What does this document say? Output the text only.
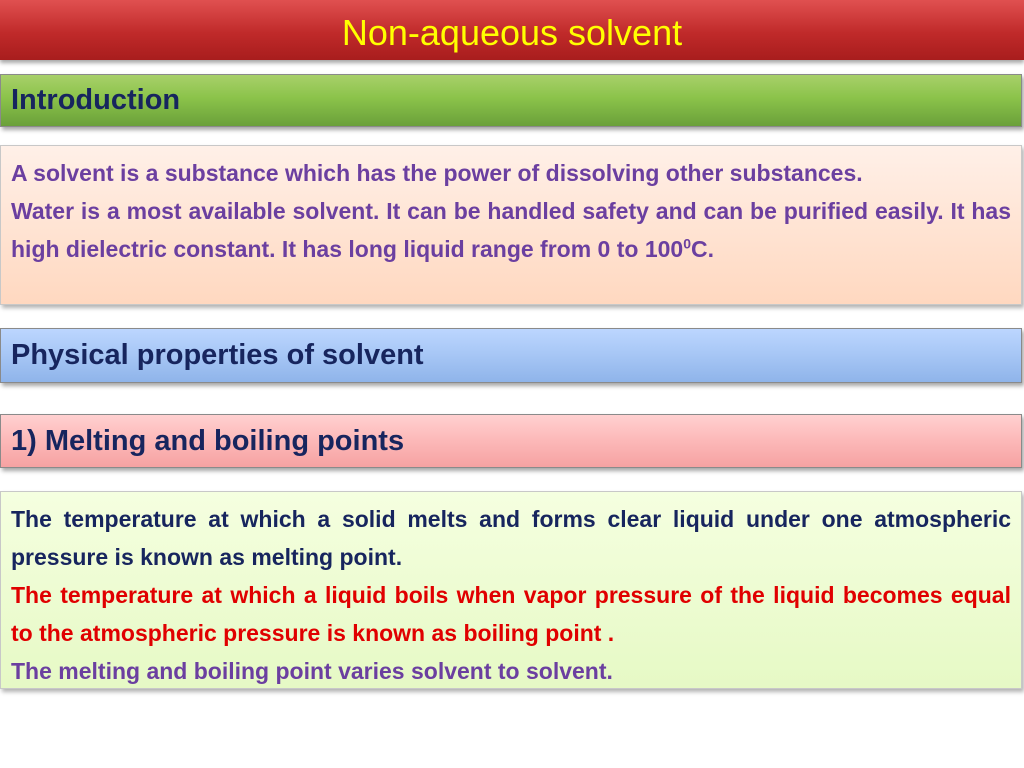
Non-aqueous solvent
Introduction

A solvent is a substance which has the power of dissolving other substances.

Water is a most available solvent. It can be handled safety and can be purified easily. It has high dielectric constant. It has long liquid range from 0 to $100^0C$.

Physical properties of solvent
1) Melting and boiling points

The temperature at which a solid melts and forms clear liquid under one atmospheric pressure is known as melting point.

The temperature at which a liquid boils when vapor pressure of the liquid becomes equal to the atmospheric pressure is known as boiling point .

The melting and boiling point varies solvent to solvent.
